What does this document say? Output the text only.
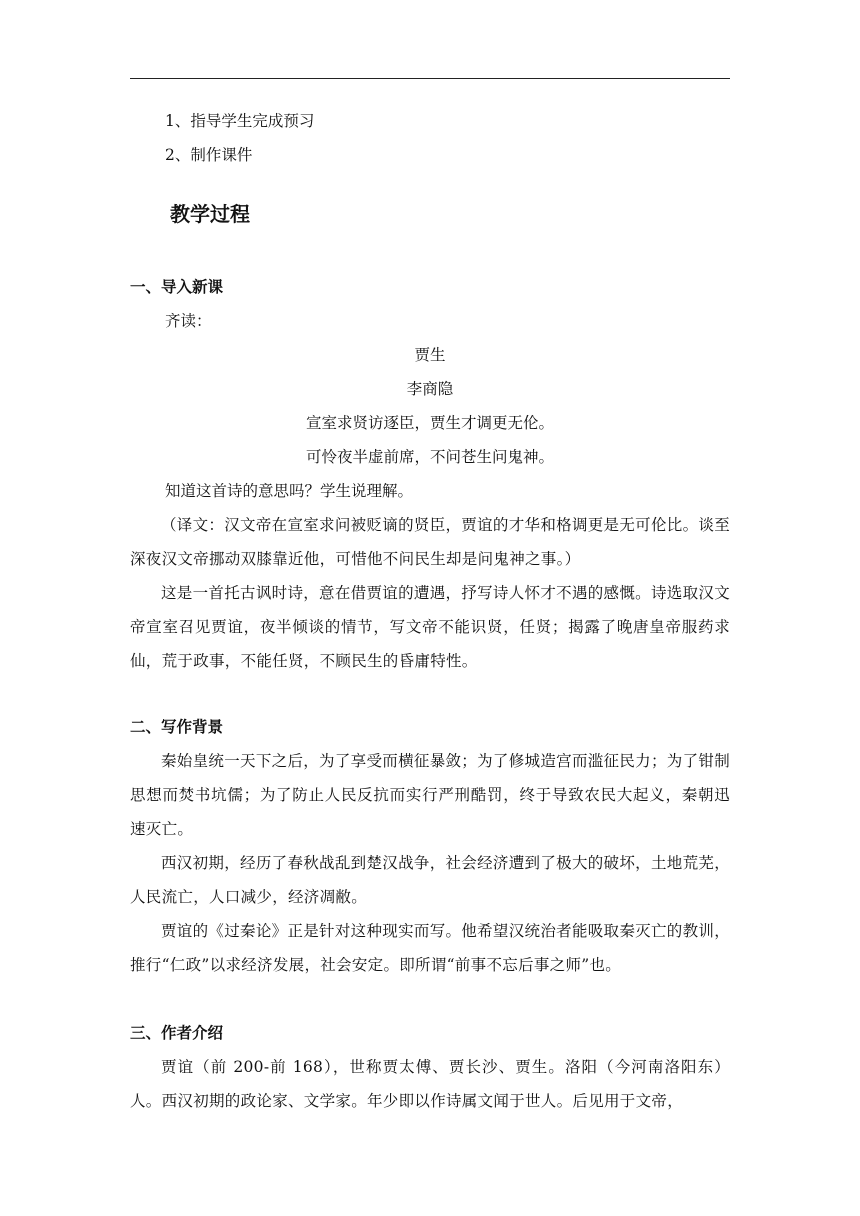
1、指导学生完成预习

2、制作课件

教学过程

一、导入新课

齐读：

贾生

李商隐

宣室求贤访逐臣，贾生才调更无伦。

可怜夜半虚前席，不问苍生问鬼神。

知道这首诗的意思吗？学生说理解。

（译文：汉文帝在宣室求问被贬谪的贤臣，贾谊的才华和格调更是无可伦比。谈至深夜汉文帝挪动双膝靠近他，可惜他不问民生却是问鬼神之事。）

这是一首托古讽时诗，意在借贾谊的遭遇，抒写诗人怀才不遇的感慨。诗选取汉文帝宣室召见贾谊，夜半倾谈的情节，写文帝不能识贤，任贤；揭露了晚唐皇帝服药求仙，荒于政事，不能任贤，不顾民生的昏庸特性。

二、写作背景

秦始皇统一天下之后，为了享受而横征暴敛；为了修城造宫而滥征民力；为了钳制思想而焚书坑儒；为了防止人民反抗而实行严刑酷罚，终于导致农民大起义，秦朝迅速灭亡。

西汉初期，经历了春秋战乱到楚汉战争，社会经济遭到了极大的破坏，土地荒芜，人民流亡，人口减少，经济凋敝。

贾谊的《过秦论》正是针对这种现实而写。他希望汉统治者能吸取秦灭亡的教训，推行“仁政”以求经济发展，社会安定。即所谓“前事不忘后事之师”也。

三、作者介绍

贾谊（前 200-前 168），世称贾太傅、贾长沙、贾生。洛阳（今河南洛阳东）人。西汉初期的政论家、文学家。年少即以作诗属文闻于世人。后见用于文帝，
